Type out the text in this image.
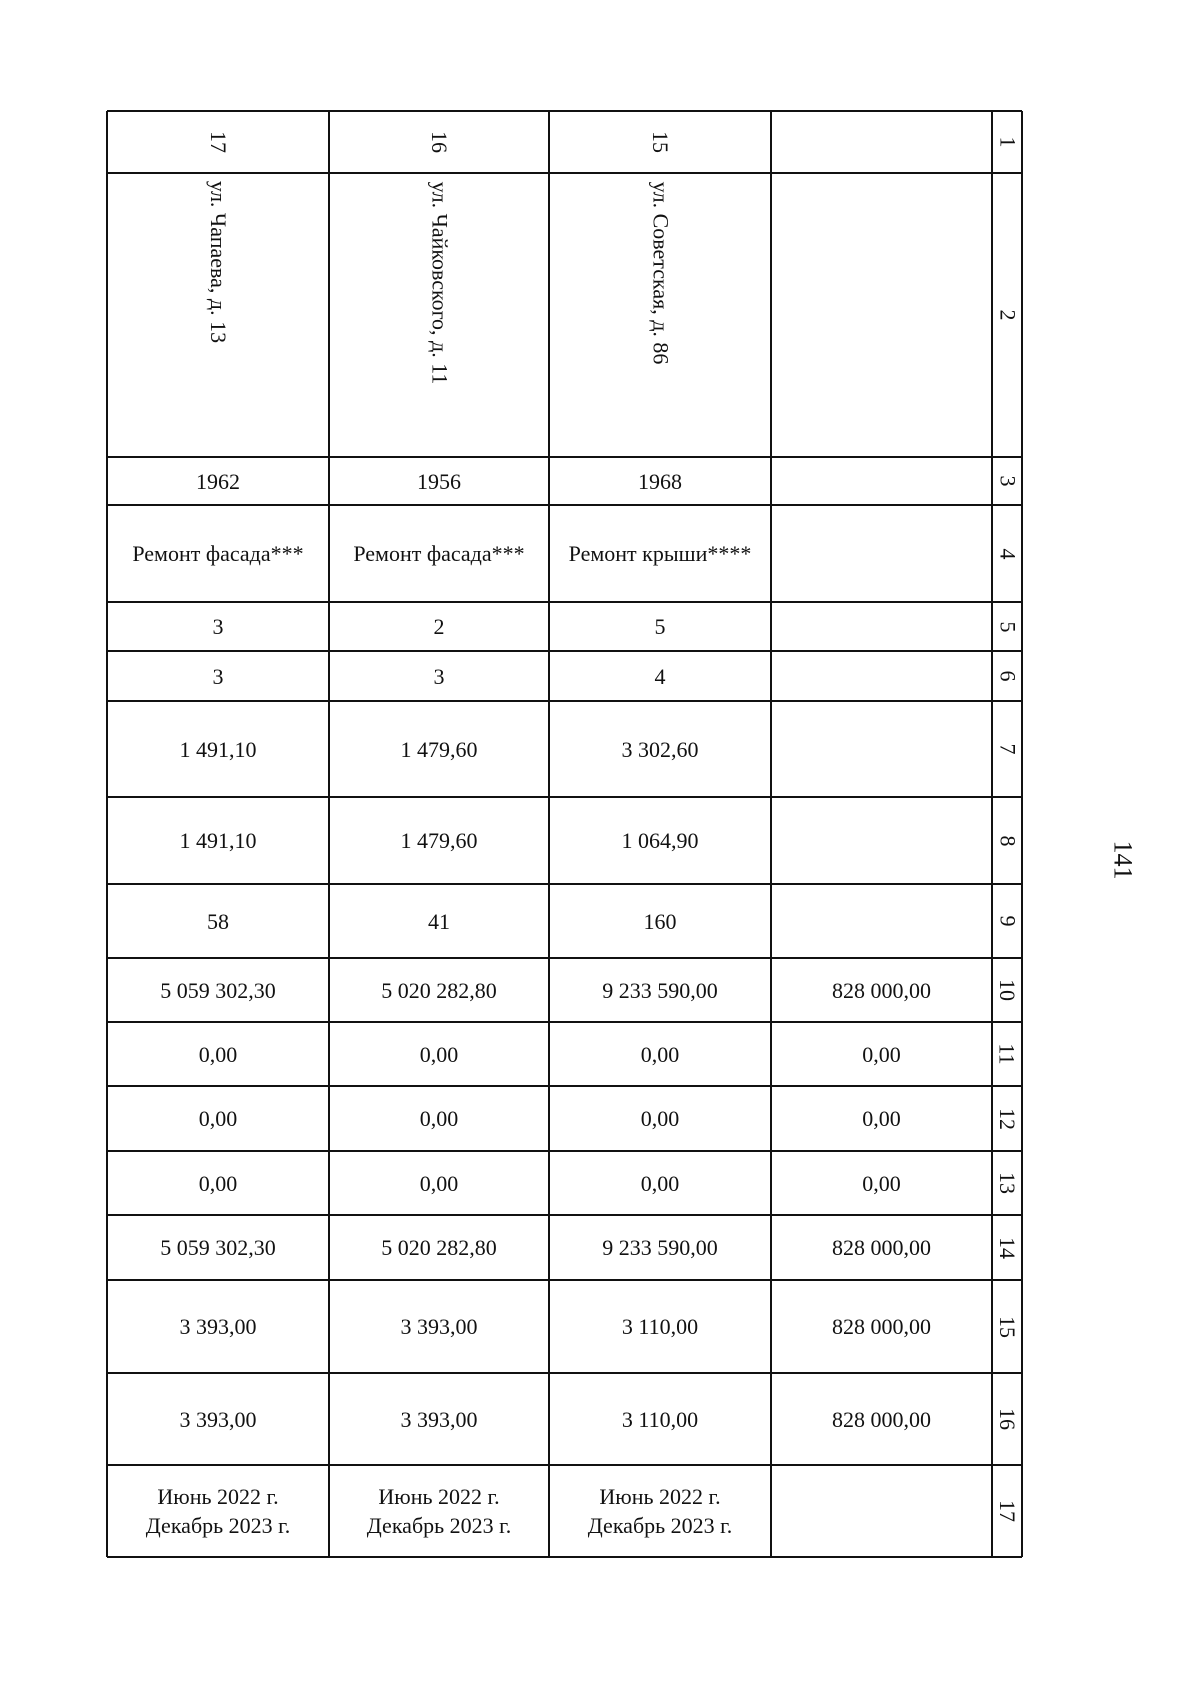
1
2
3
4
5
6
7
8
9
10
11
12
13
14
15
16
17
17
ул. Чапаева, д. 13
1962
Ремонт фасада***
3
3
1 491,10
1 491,10
58
5 059 302,30
0,00
0,00
0,00
5 059 302,30
3 393,00
3 393,00
Июнь 2022 г.
Декабрь 2023 г.
16
ул. Чайковского, д. 11
1956
Ремонт фасада***
2
3
1 479,60
1 479,60
41
5 020 282,80
0,00
0,00
0,00
5 020 282,80
3 393,00
3 393,00
Июнь 2022 г.
Декабрь 2023 г.
15
ул. Советская, д. 86
1968
Ремонт крыши****
5
4
3 302,60
1 064,90
160
9 233 590,00
0,00
0,00
0,00
9 233 590,00
3 110,00
3 110,00
Июнь 2022 г.
Декабрь 2023 г.
828 000,00
0,00
0,00
0,00
828 000,00
828 000,00
828 000,00
141
